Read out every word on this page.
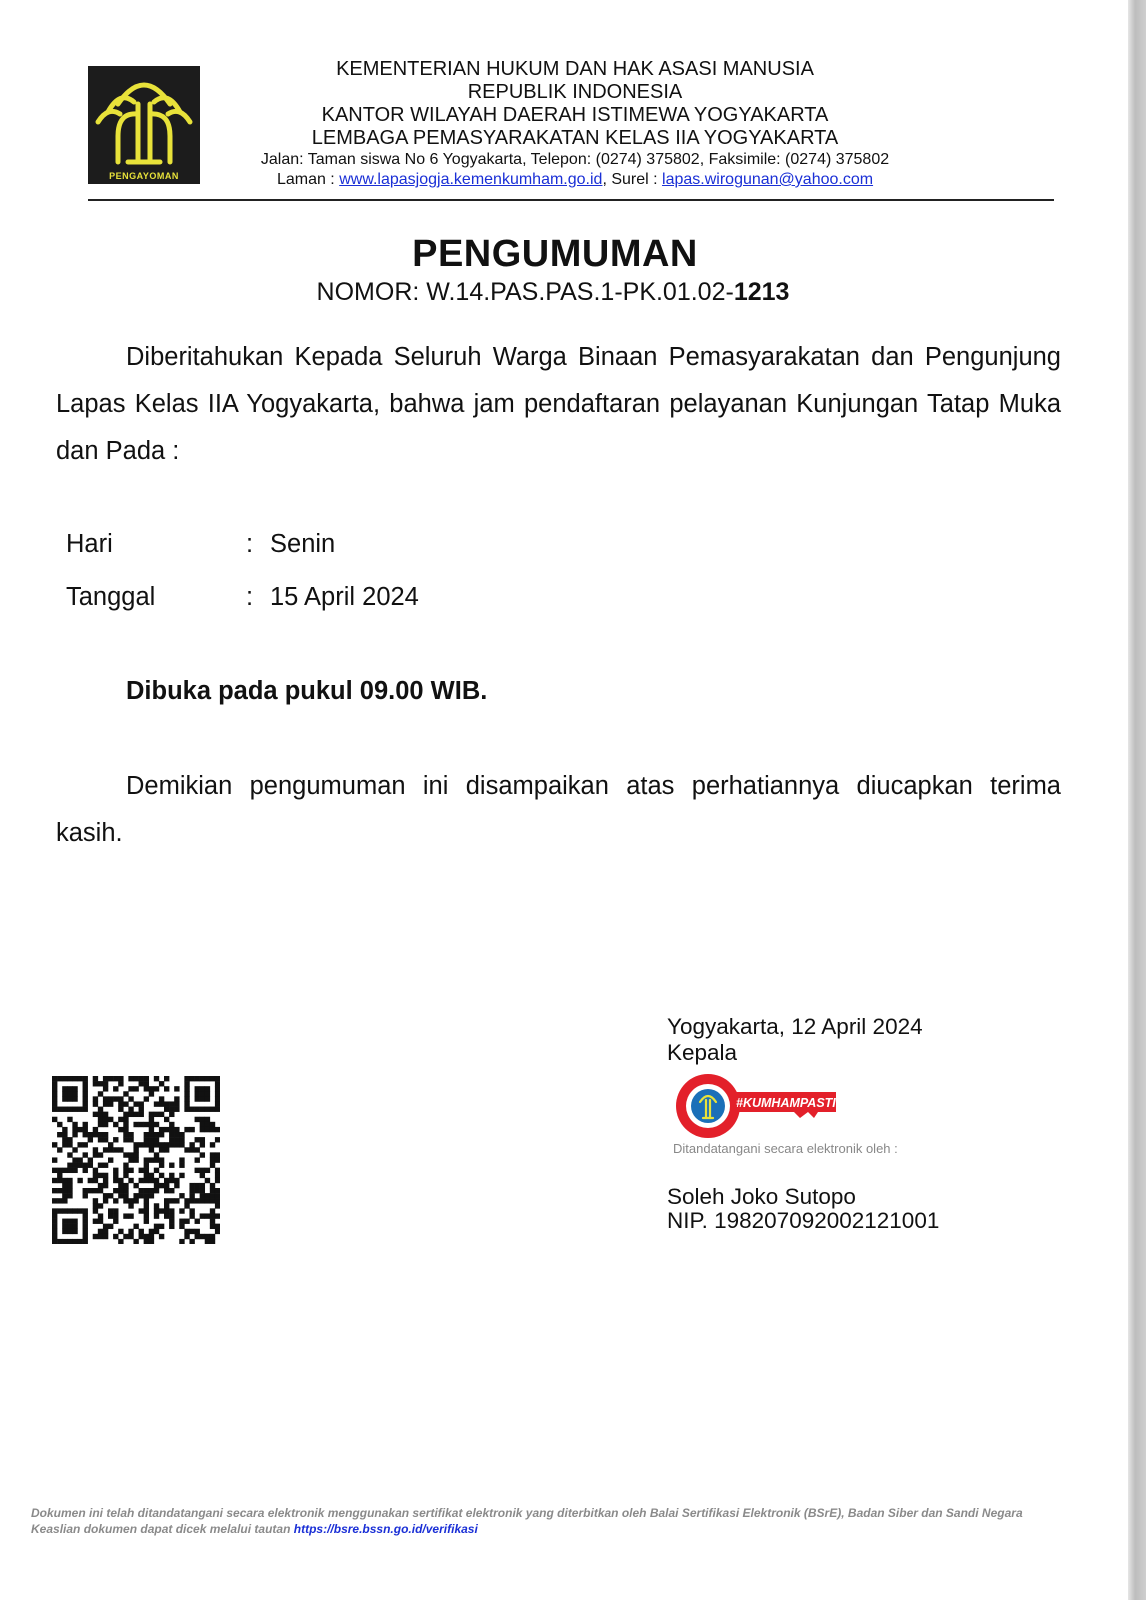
PENGAYOMAN
KEMENTERIAN HUKUM DAN HAK ASASI MANUSIA
REPUBLIK INDONESIA
KANTOR WILAYAH DAERAH ISTIMEWA YOGYAKARTA
LEMBAGA PEMASYARAKATAN KELAS IIA YOGYAKARTA
Jalan: Taman siswa No 6 Yogyakarta, Telepon: (0274) 375802, Faksimile: (0274) 375802
Laman : www.lapasjogja.kemenkumham.go.id, Surel : lapas.wirogunan@yahoo.com
PENGUMUMAN
NOMOR: W.14.PAS.PAS.1-PK.01.02-1213
Diberitahukan Kepada Seluruh Warga Binaan Pemasyarakatan dan Pengunjung Lapas Kelas IIA Yogyakarta, bahwa jam pendaftaran pelayanan Kunjungan Tatap Muka dan Pada :
Hari	: Senin
Tanggal	: 15 April 2024
Dibuka pada pukul 09.00 WIB.
Demikian pengumuman ini disampaikan atas perhatiannya diucapkan terima kasih.
Yogyakarta, 12 April 2024
Kepala
#KUMHAMPASTI
Ditandatangani secara elektronik oleh :
Soleh Joko Sutopo
NIP. 198207092002121001
Dokumen ini telah ditandatangani secara elektronik menggunakan sertifikat elektronik yang diterbitkan oleh Balai Sertifikasi Elektronik (BSrE), Badan Siber dan Sandi Negara
Keaslian dokumen dapat dicek melalui tautan https://bsre.bssn.go.id/verifikasi
